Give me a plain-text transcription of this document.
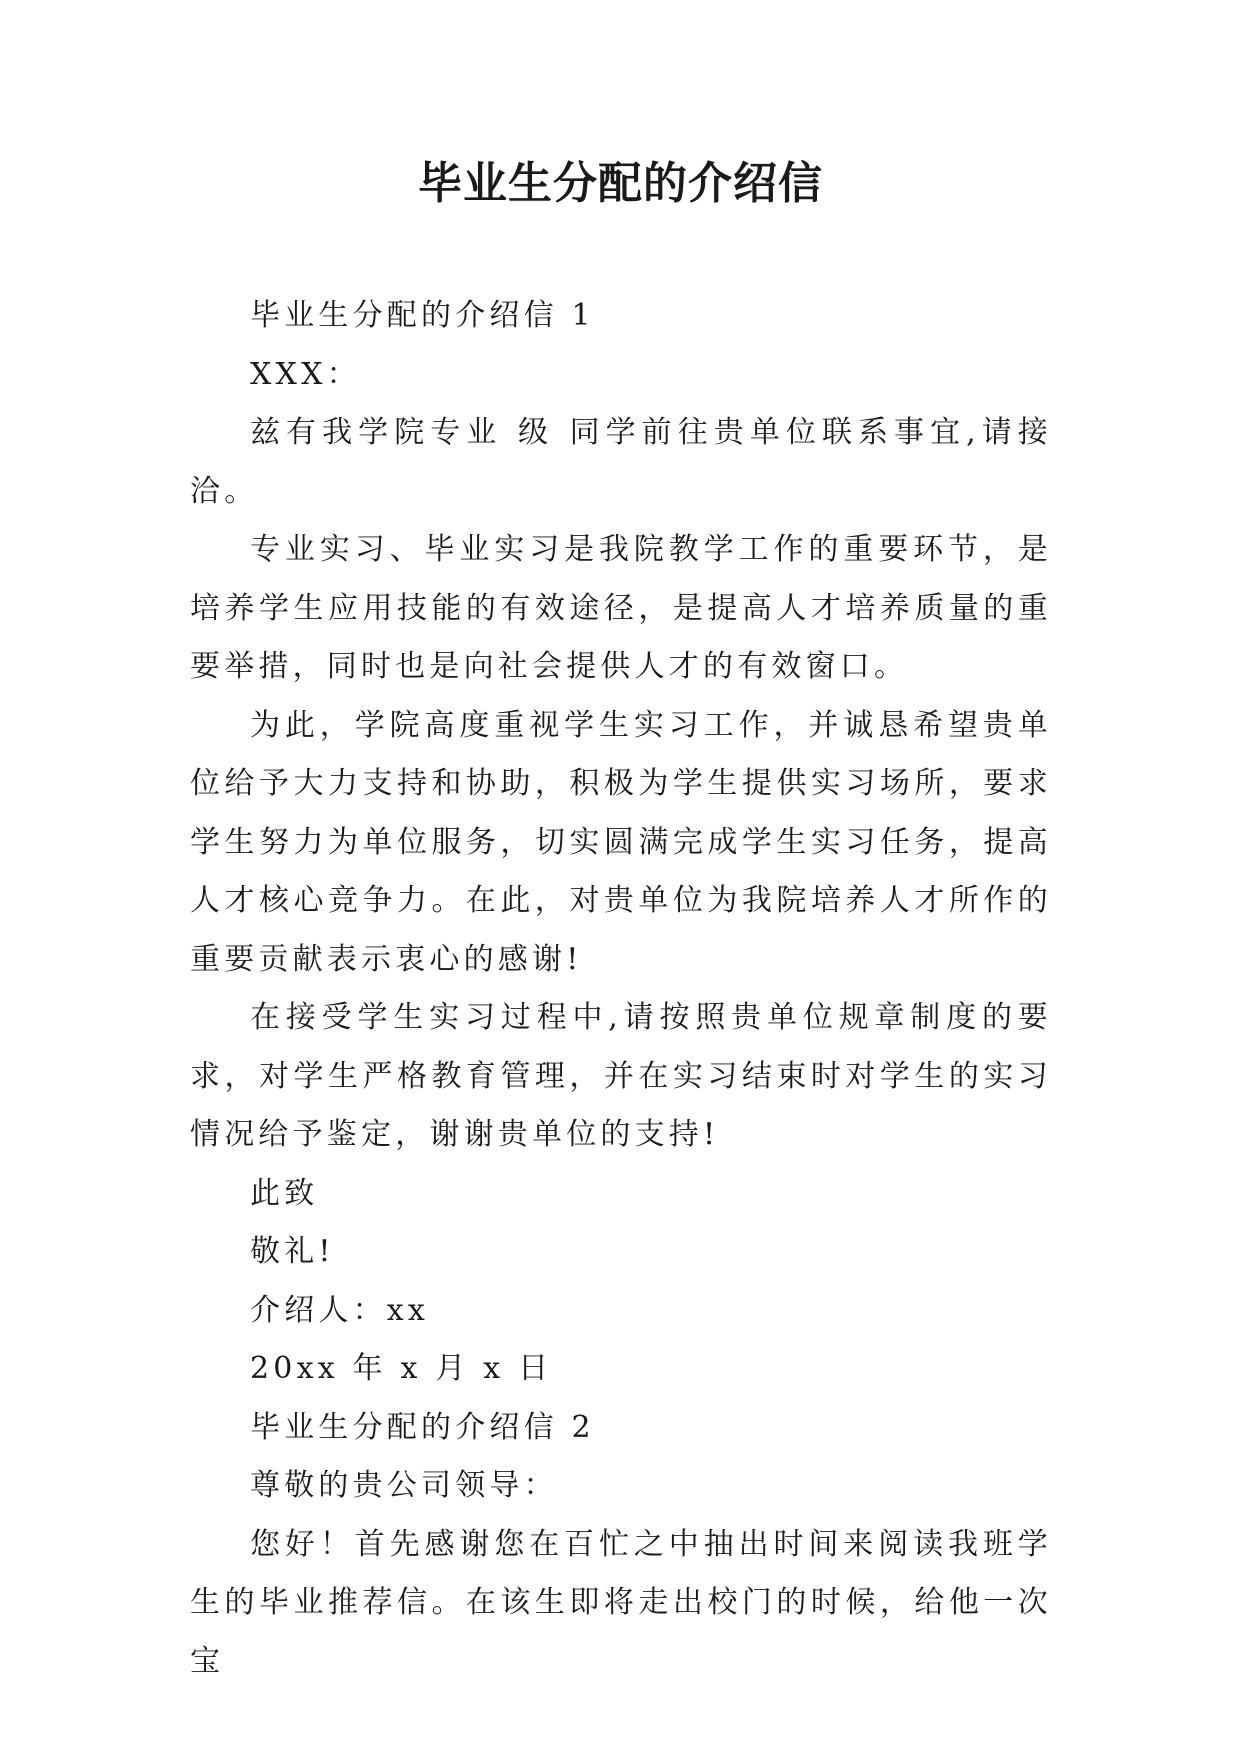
毕业生分配的介绍信

毕业生分配的介绍信 1

XXX：

兹有我学院专业 级 同学前往贵单位联系事宜,请接洽。

专业实习、毕业实习是我院教学工作的重要环节，是培养学生应用技能的有效途径，是提高人才培养质量的重要举措，同时也是向社会提供人才的有效窗口。

为此，学院高度重视学生实习工作，并诚恳希望贵单位给予大力支持和协助，积极为学生提供实习场所，要求学生努力为单位服务，切实圆满完成学生实习任务，提高人才核心竞争力。在此，对贵单位为我院培养人才所作的重要贡献表示衷心的感谢!

在接受学生实习过程中,请按照贵单位规章制度的要求，对学生严格教育管理，并在实习结束时对学生的实习情况给予鉴定，谢谢贵单位的支持!

此致

敬礼!

介绍人：xx

20xx 年 x 月 x 日

毕业生分配的介绍信 2

尊敬的贵公司领导：

您好！首先感谢您在百忙之中抽出时间来阅读我班学生的毕业推荐信。在该生即将走出校门的时候，给他一次宝
